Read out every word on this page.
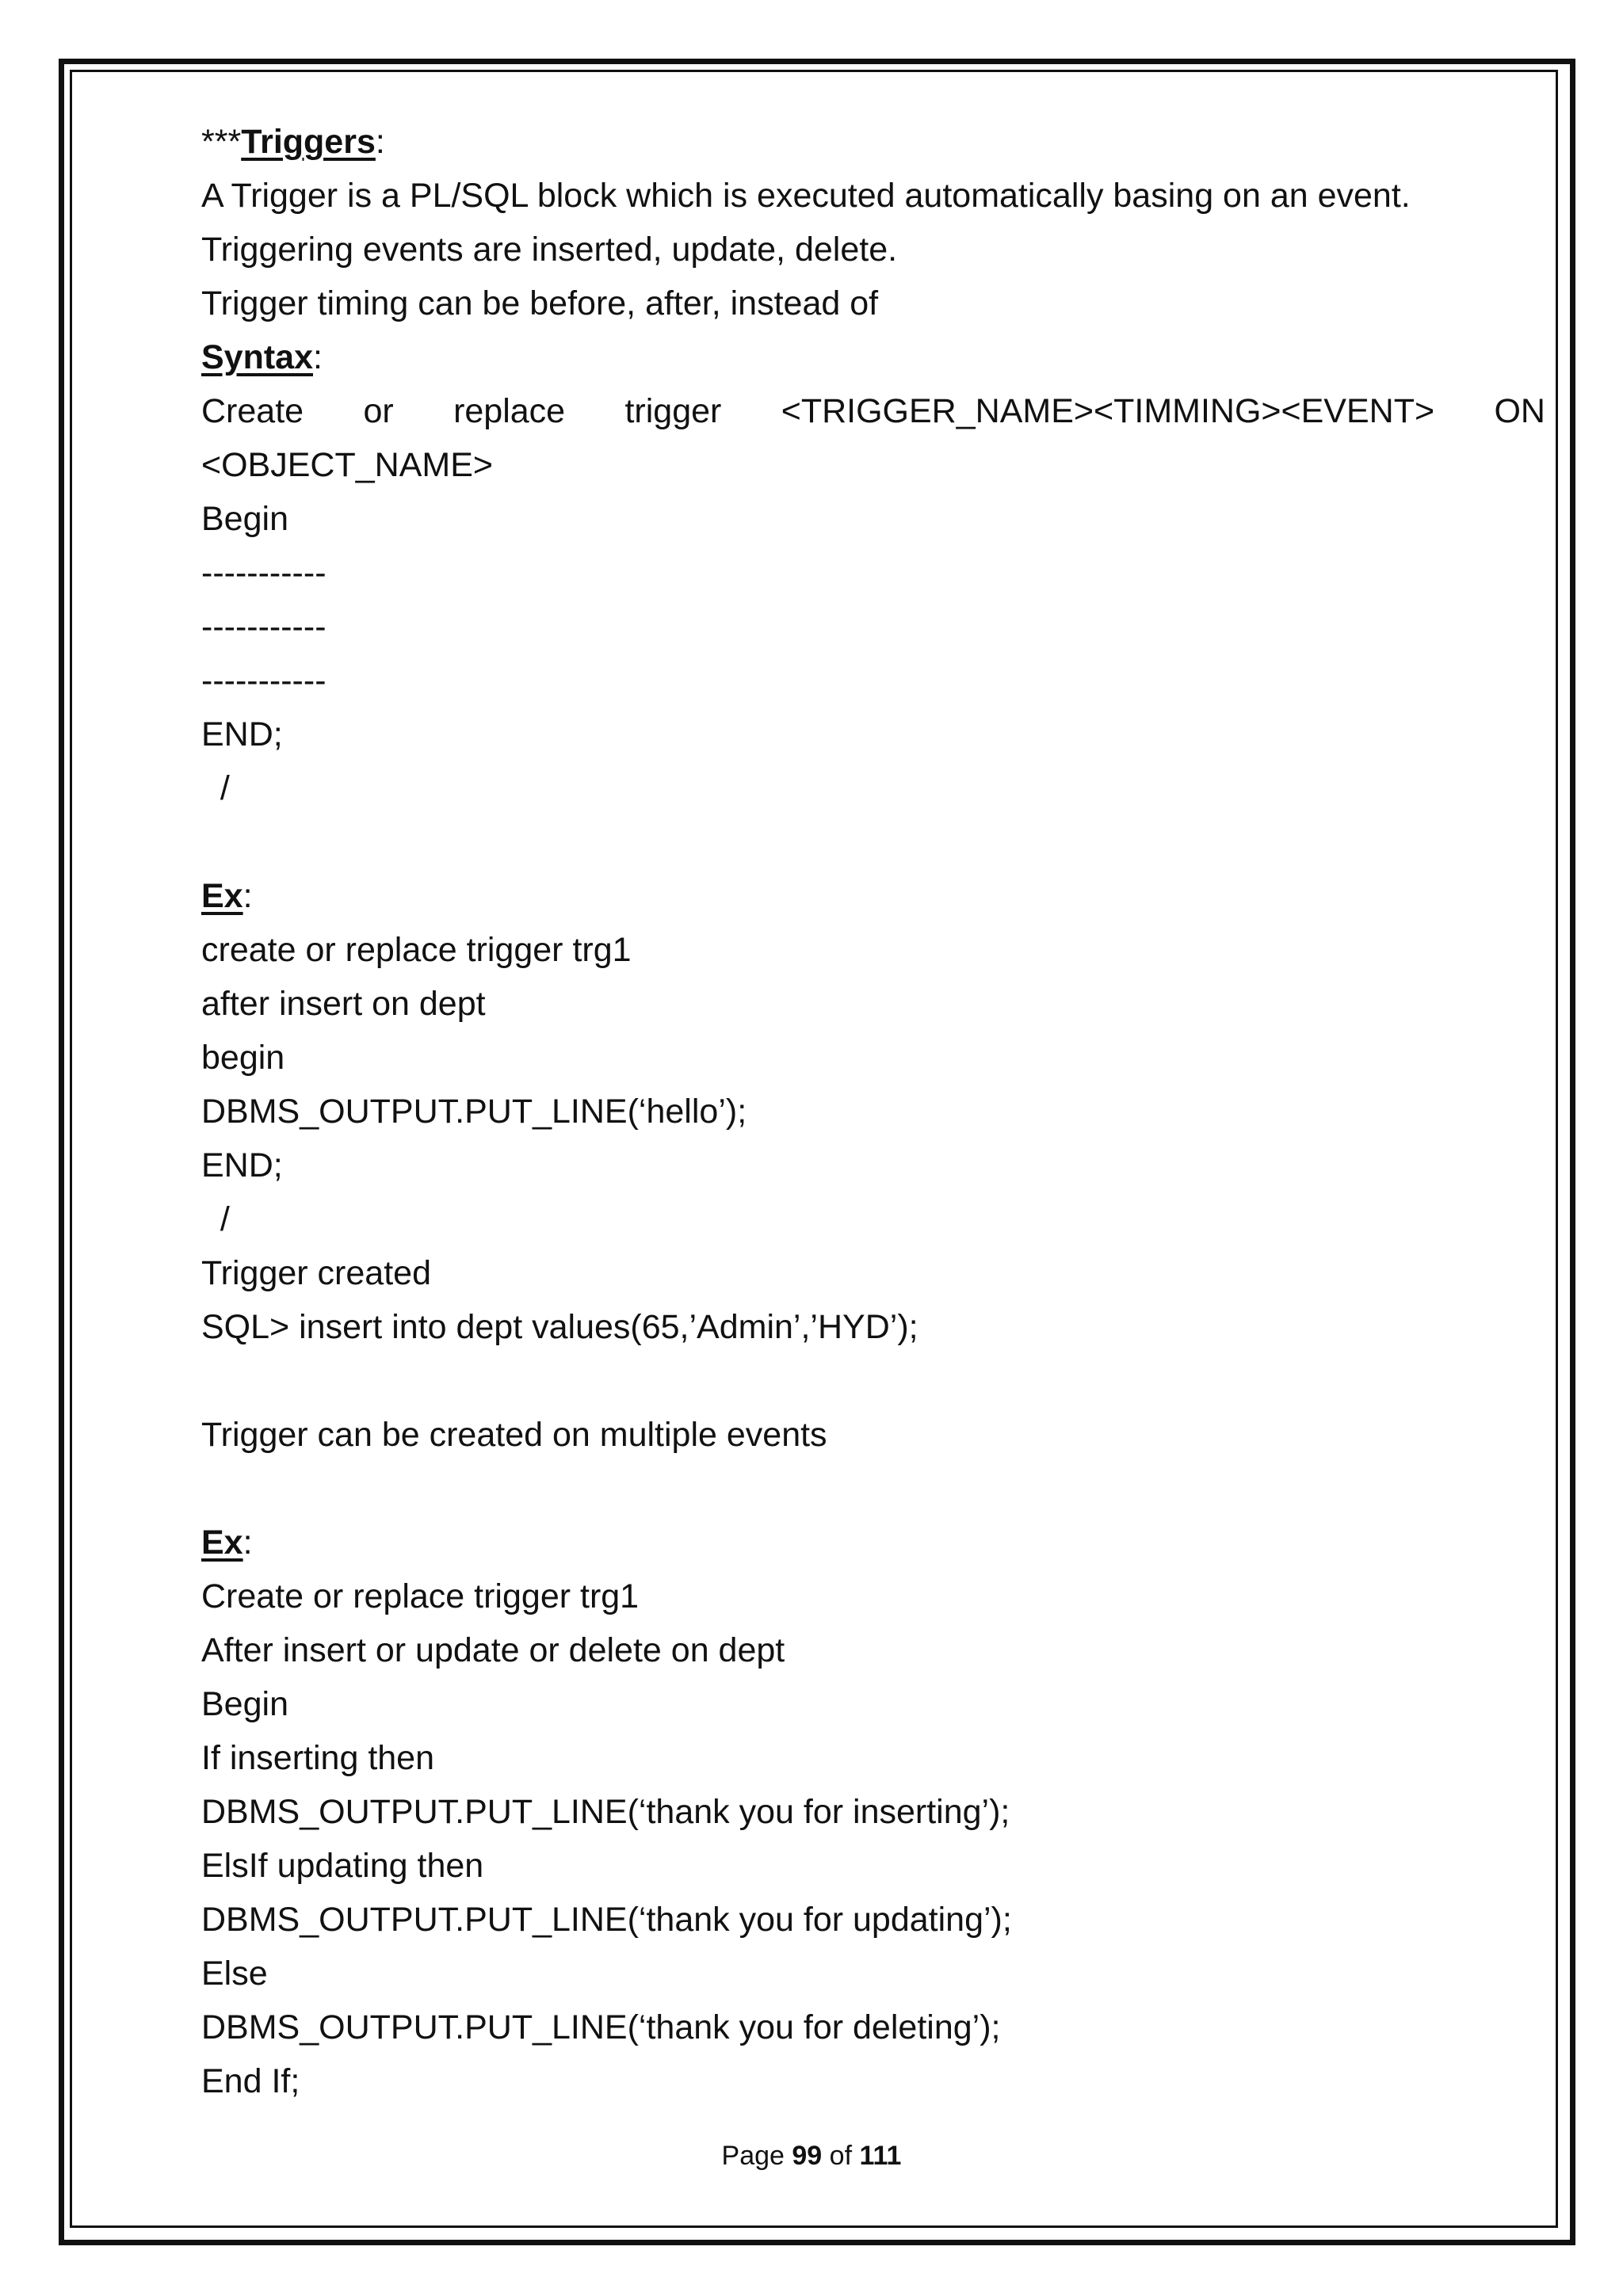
***Triggers:
A Trigger is a PL/SQL block which is executed automatically basing on an event.
Triggering events are inserted, update, delete.
Trigger timing can be before, after, instead of
Syntax:
Create or replace trigger <TRIGGER_NAME><TIMMING><EVENT> ON
<OBJECT_NAME>
Begin
-----------
-----------
-----------
END;
/
Ex:
create or replace trigger trg1
after insert on dept
begin
DBMS_OUTPUT.PUT_LINE(‘hello’);
END;
/
Trigger created
SQL> insert into dept values(65,’Admin’,’HYD’);
Trigger can be created on multiple events
Ex:
Create or replace trigger trg1
After insert or update or delete on dept
Begin
If inserting then
DBMS_OUTPUT.PUT_LINE(‘thank you for inserting’);
ElsIf updating then
DBMS_OUTPUT.PUT_LINE(‘thank you for updating’);
Else
DBMS_OUTPUT.PUT_LINE(‘thank you for deleting’);
End If;
Page 99 of 111
